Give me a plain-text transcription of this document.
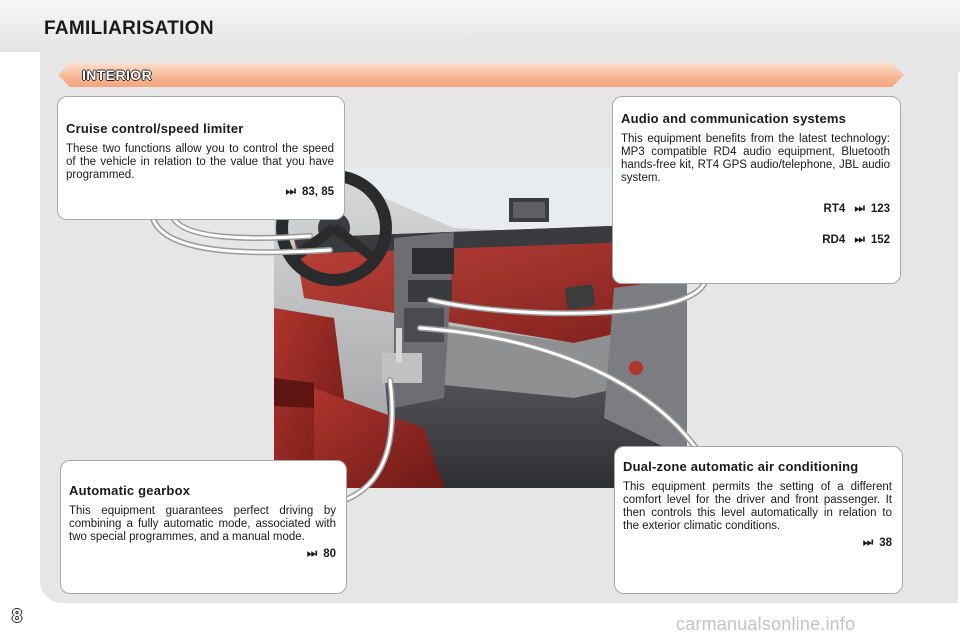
FAMILIARISATION
INTERIOR
Cruise control/speed limiter

These two functions allow you to control the speed of the vehicle in relation to the value that you have programmed.

⏭ 83, 85
Audio and communication systems

This equipment benefits from the latest technology: MP3 compatible RD4 audio equipment, Bluetooth hands-free kit, RT4 GPS audio/telephone, JBL audio system.

RT4 ⏭ 123
RD4 ⏭ 152
Automatic gearbox

This equipment guarantees perfect driving by combining a fully automatic mode, associated with two special programmes, and a manual mode.

⏭ 80
Dual-zone automatic air conditioning

This equipment permits the setting of a different comfort level for the driver and front passenger. It then controls this level automatically in relation to the exterior climatic conditions.

⏭ 38
8	carmanualsonline.info
